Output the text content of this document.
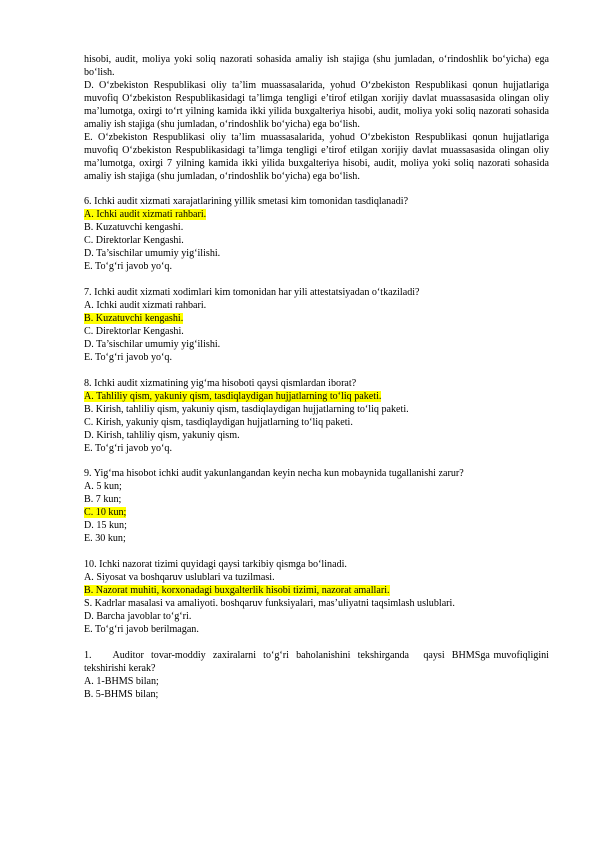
hisobi, audit, moliya yoki soliq nazorati sohasida amaliy ish stajiga (shu jumladan, o‘rindoshlik bo‘yicha) ega bo‘lish.

D. O‘zbekiston Respublikasi oliy ta’lim muassasalarida, yohud O‘zbekiston Respublikasi qonun hujjatlariga muvofiq O‘zbekiston Respublikasidagi ta’limga tengligi e’tirof etilgan xorijiy davlat muassasasida olingan oliy ma’lumotga, oxirgi to‘rt yilning kamida ikki yilida buxgalteriya hisobi, audit, moliya yoki soliq nazorati sohasida amaliy ish stajiga (shu jumladan, o‘rindoshlik bo‘yicha) ega bo‘lish.

E. O‘zbekiston Respublikasi oliy ta’lim muassasalarida, yohud O‘zbekiston Respublikasi qonun hujjatlariga muvofiq O‘zbekiston Respublikasidagi ta’limga tengligi e’tirof etilgan xorijiy davlat muassasasida olingan oliy ma’lumotga, oxirgi 7 yilning kamida ikki yilida buxgalteriya hisobi, audit, moliya yoki soliq nazorati sohasida amaliy ish stajiga (shu jumladan, o‘rindoshlik bo‘yicha) ega bo‘lish.

6. Ichki audit xizmati xarajatlarining yillik smetasi kim tomonidan tasdiqlanadi?

A. Ichki audit xizmati rahbari.

B. Kuzatuvchi kengashi.

C. Direktorlar Kengashi.

D. Ta’sischilar umumiy yig‘ilishi.

E. To‘g‘ri javob yo‘q.

7. Ichki audit xizmati xodimlari kim tomonidan har yili attestatsiyadan o‘tkaziladi?

A. Ichki audit xizmati rahbari.

B. Kuzatuvchi kengashi.

C. Direktorlar Kengashi.

D. Ta’sischilar umumiy yig‘ilishi.

E. To‘g‘ri javob yo‘q.

8. Ichki audit xizmatining yig‘ma hisoboti qaysi qismlardan iborat?

A. Tahliliy qism, yakuniy qism, tasdiqlaydigan hujjatlarning to‘liq paketi.

B. Kirish, tahliliy qism, yakuniy qism, tasdiqlaydigan hujjatlarning to‘liq paketi.

C. Kirish, yakuniy qism, tasdiqlaydigan hujjatlarning to‘liq paketi.

D. Kirish, tahliliy qism, yakuniy qism.

E. To‘g‘ri javob yo‘q.

9. Yig‘ma hisobot ichki audit yakunlangandan keyin necha kun mobaynida tugallanishi zarur?

A. 5 kun;

B. 7 kun;

C. 10 kun;

D. 15 kun;

E. 30 kun;

10. Ichki nazorat tizimi quyidagi qaysi tarkibiy qismga bo‘linadi.

A. Siyosat va boshqaruv uslublari va tuzilmasi.

B. Nazorat muhiti, korxonadagi buxgalterlik hisobi tizimi, nazorat amallari.

S. Kadrlar masalasi va amaliyoti. boshqaruv funksiyalari, mas’uliyatni taqsimlash uslublari.

D. Barcha javoblar to‘g‘ri.

E. To‘g‘ri javob berilmagan.

1.      Auditor  tovar-moddiy  zaxiralarni  to‘g‘ri  baholanishini  tekshirganda    qaysi  BHMSga muvofiqligini tekshirishi kerak?

A. 1-BHMS bilan;

B. 5-BHMS bilan;
